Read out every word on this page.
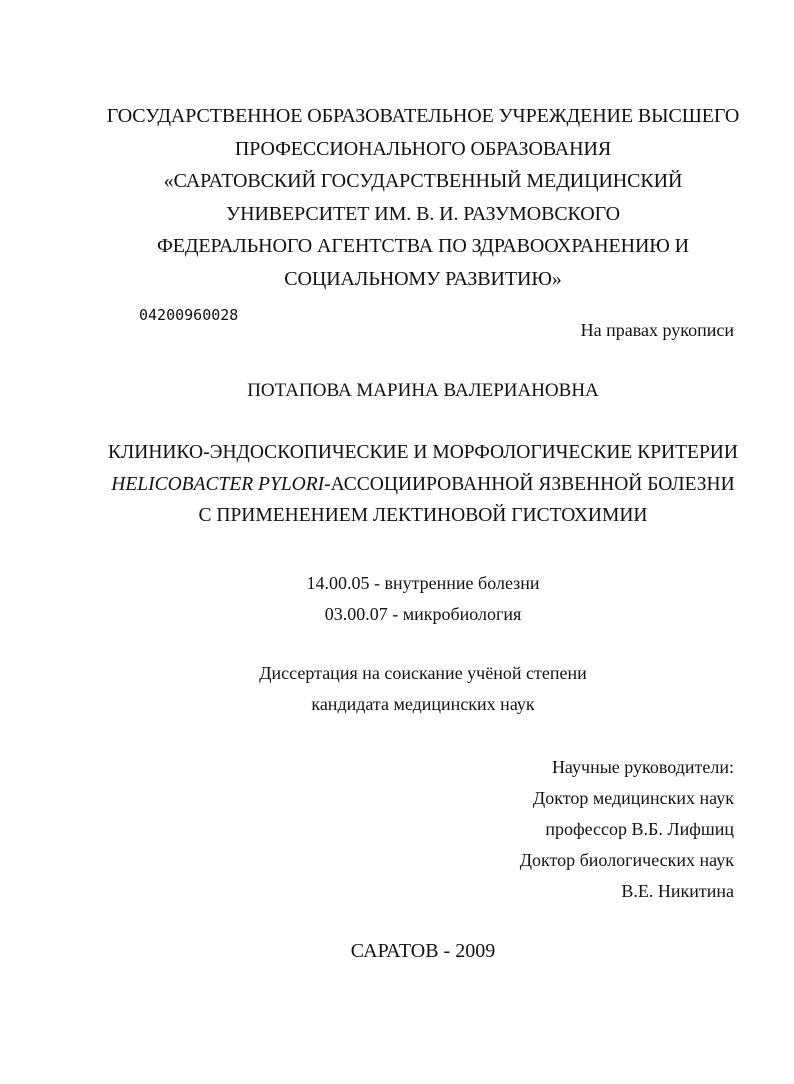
ГОСУДАРСТВЕННОЕ ОБРАЗОВАТЕЛЬНОЕ УЧРЕЖДЕНИЕ ВЫСШЕГО
ПРОФЕССИОНАЛЬНОГО ОБРАЗОВАНИЯ
«САРАТОВСКИЙ ГОСУДАРСТВЕННЫЙ МЕДИЦИНСКИЙ
УНИВЕРСИТЕТ ИМ. В. И. РАЗУМОВСКОГО
ФЕДЕРАЛЬНОГО АГЕНТСТВА ПО ЗДРАВООХРАНЕНИЮ И
СОЦИАЛЬНОМУ РАЗВИТИЮ»
04200960028
На правах рукописи
ПОТАПОВА МАРИНА ВАЛЕРИАНОВНА
КЛИНИКО-ЭНДОСКОПИЧЕСКИЕ И МОРФОЛОГИЧЕСКИЕ КРИТЕРИИ
HELICOBACTER PYLORI-АССОЦИИРОВАННОЙ ЯЗВЕННОЙ БОЛЕЗНИ
С ПРИМЕНЕНИЕМ ЛЕКТИНОВОЙ ГИСТОХИМИИ
14.00.05 - внутренние болезни
03.00.07 - микробиология
Диссертация на соискание учёной степени
кандидата медицинских наук
Научные руководители:
Доктор медицинских наук
профессор В.Б. Лифшиц
Доктор биологических наук
В.Е. Никитина
САРАТОВ - 2009
